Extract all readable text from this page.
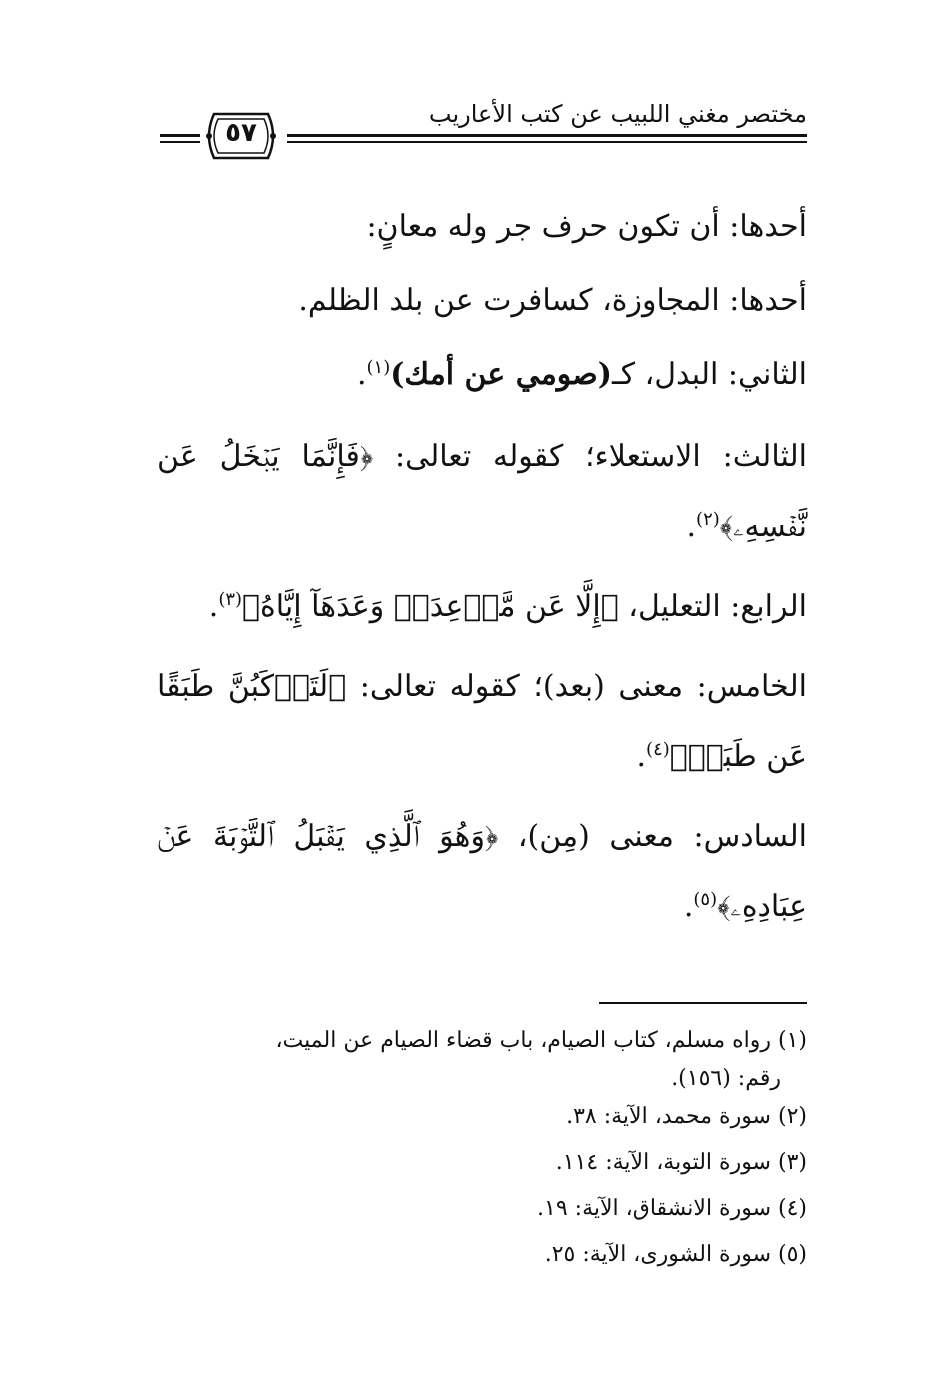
مختصر مغني اللبيب عن كتب الأعاريب
٥٧

أحدها: أن تكون حرف جر وله معانٍ:

أحدها: المجاوزة، كسافرت عن بلد الظلم.

الثاني: البدل، كـ(صومي عن أمك)$^{(١)}$.

الثالث: الاستعلاء؛ كقوله تعالى: ﴿فَإِنَّمَا يَبۡخَلُ عَن نَّفۡسِهِۦ﴾$^{(٢)}$.

الرابع: التعليل، ﴿إِلَّا عَن مَّوۡعِدَةٖ وَعَدَهَآ إِيَّاهُ﴾$^{(٣)}$.

الخامس: معنى (بعد)؛ كقوله تعالى: ﴿لَتَرۡكَبُنَّ طَبَقًا عَن طَبَقٖ﴾$^{(٤)}$.

السادس: معنى (مِن)، ﴿وَهُوَ ٱلَّذِي يَقۡبَلُ ٱلتَّوۡبَةَ عَنۡ عِبَادِهِۦ﴾$^{(٥)}$.

(١) رواه مسلم، كتاب الصيام، باب قضاء الصيام عن الميت،
رقم: (١٥٦).

(٢) سورة محمد، الآية: ٣٨.

(٣) سورة التوبة، الآية: ١١٤.

(٤) سورة الانشقاق، الآية: ١٩.

(٥) سورة الشورى، الآية: ٢٥.
